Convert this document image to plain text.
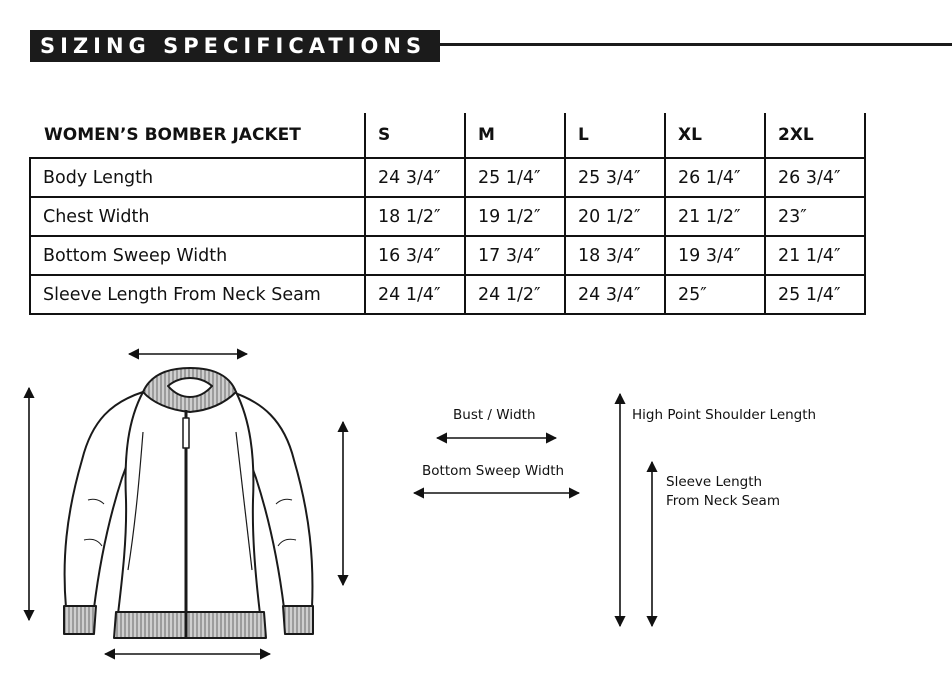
SIZING SPECIFICATIONS
WOMEN’S BOMBER JACKET	S	M	L	XL	2XL
Body Length	24 3/4″	25 1/4″	25 3/4″	26 1/4″	26 3/4″
Chest Width	18 1/2″	19 1/2″	20 1/2″	21 1/2″	23″
Bottom Sweep Width	16 3/4″	17 3/4″	18 3/4″	19 3/4″	21 1/4″
Sleeve Length From Neck Seam	24 1/4″	24 1/2″	24 3/4″	25″	25 1/4″
Bust / Width
Bottom Sweep Width
High Point Shoulder Length
Sleeve Length
From Neck Seam
